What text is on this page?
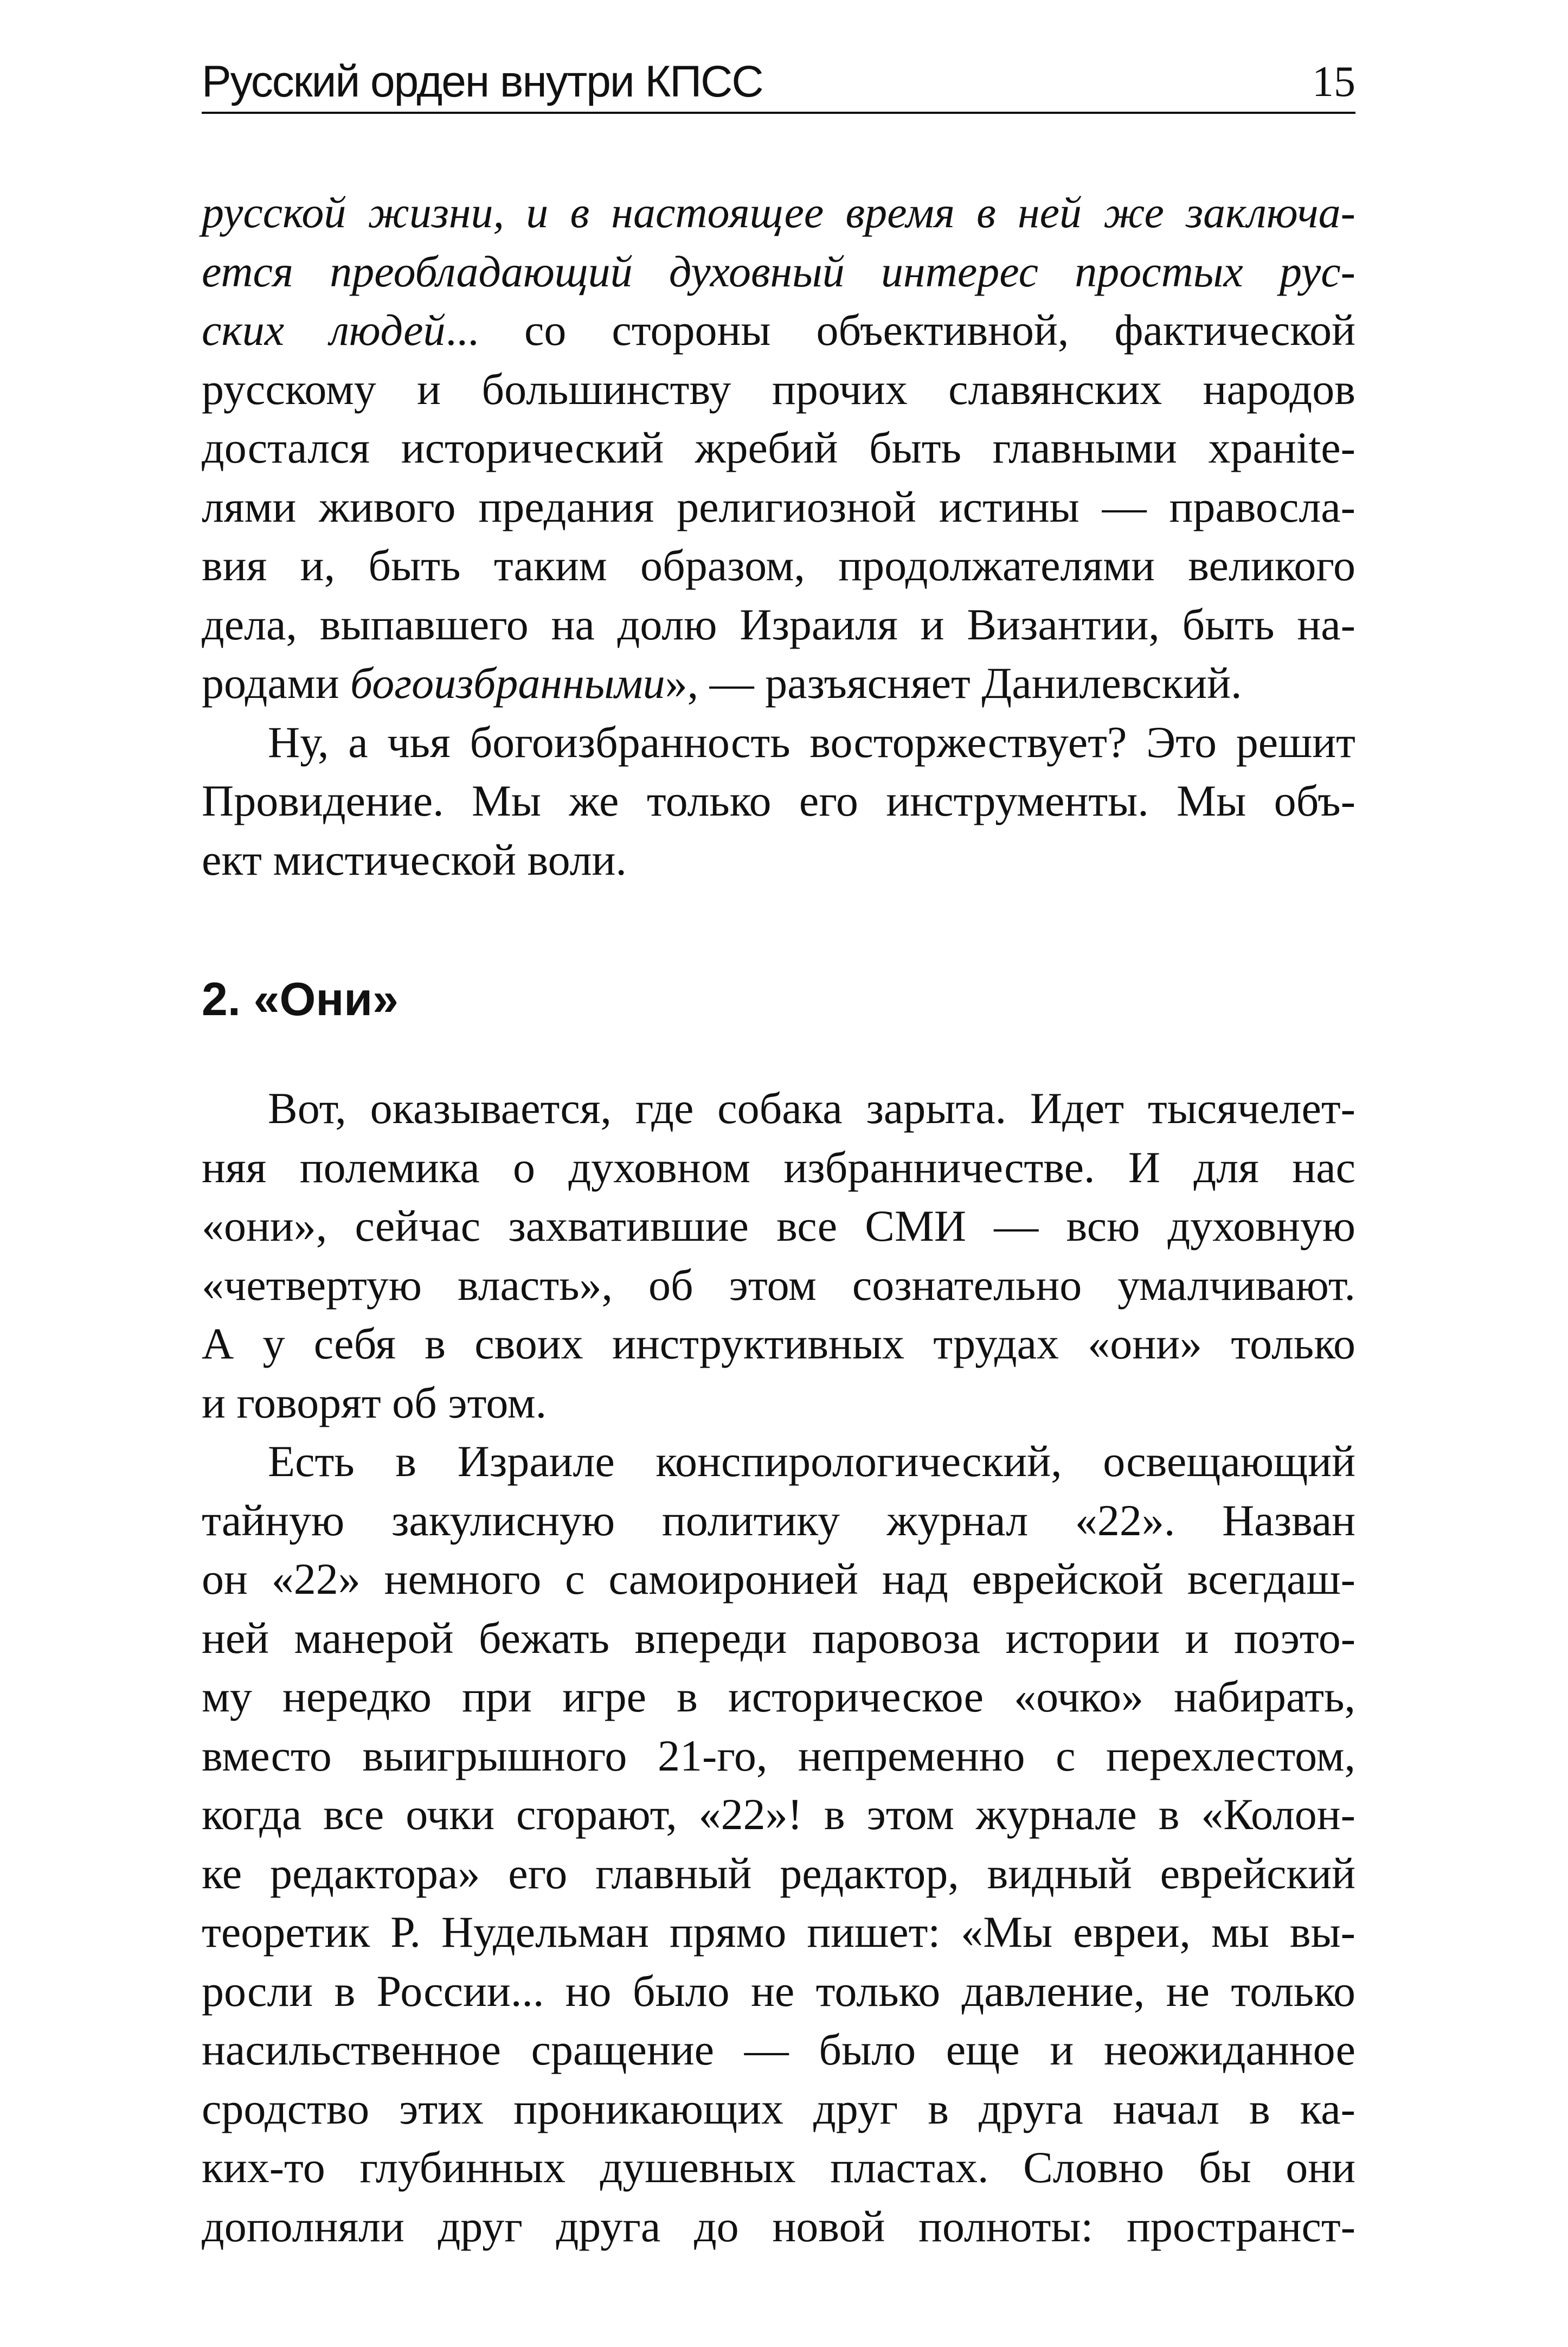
Русский орден внутри КПСС	15
русской жизни, и в настоящее время в ней же заключа-
ется преобладающий духовный интерес простых рус-
ских людей... со стороны объективной, фактической
русскому и большинству прочих славянских народов
достался исторический жребий быть главными хранite-
лями живого предания религиозной истины — правосла-
вия и, быть таким образом, продолжателями великого
дела, выпавшего на долю Израиля и Византии, быть на-
родами богоизбранными», — разъясняет Данилевский.
Ну, а чья богоизбранность восторжествует? Это решит
Провидение. Мы же только его инструменты. Мы объ-
ект мистической воли.
2. «Они»
Вот, оказывается, где собака зарыта. Идет тысячелет-
няя полемика о духовном избранничестве. И для нас
«они», сейчас захватившие все СМИ — всю духовную
«четвертую власть», об этом сознательно умалчивают.
А у себя в своих инструктивных трудах «они» только
и говорят об этом.
Есть в Израиле конспирологический, освещающий
тайную закулисную политику журнал «22». Назван
он «22» немного с самоиронией над еврейской всегдаш-
ней манерой бежать впереди паровоза истории и поэто-
му нередко при игре в историческое «очко» набирать,
вместо выигрышного 21-го, непременно с перехлестом,
когда все очки сгорают, «22»! в этом журнале в «Колон-
ке редактора» его главный редактор, видный еврейский
теоретик Р. Нудельман прямо пишет: «Мы евреи, мы вы-
росли в России... но было не только давление, не только
насильственное сращение — было еще и неожиданное
сродство этих проникающих друг в друга начал в ка-
ких-то глубинных душевных пластах. Словно бы они
дополняли друг друга до новой полноты: пространст-
